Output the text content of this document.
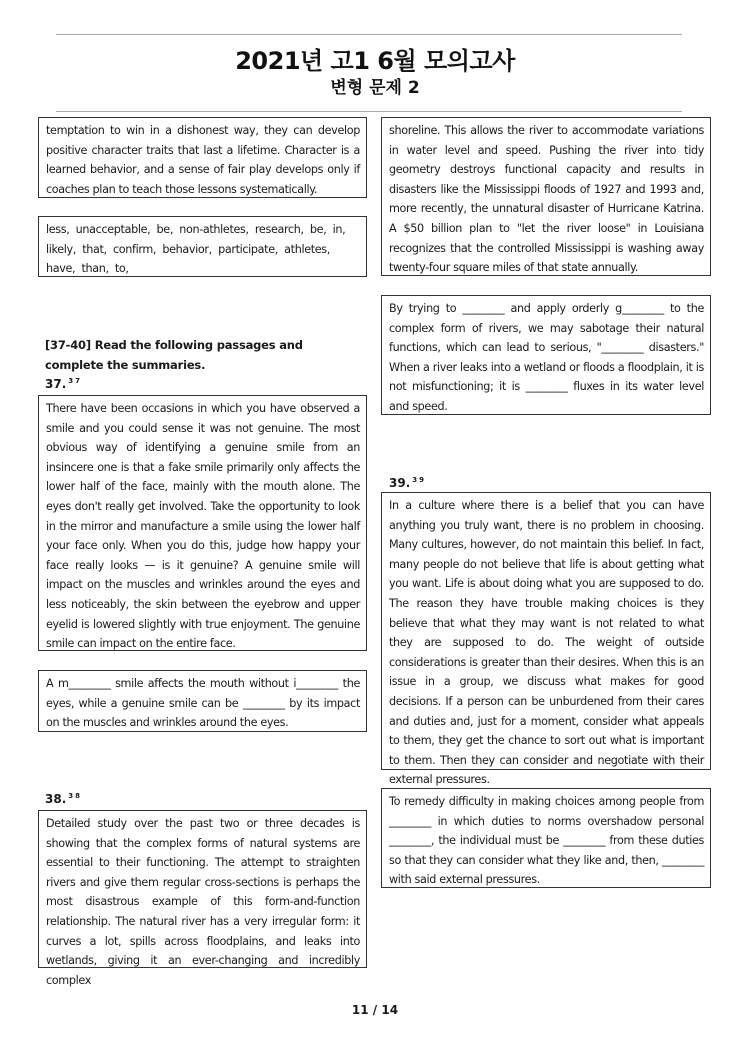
2021년 고1 6월 모의고사
변형 문제 2
temptation to win in a dishonest way, they can develop positive character traits that last a lifetime. Character is a learned behavior, and a sense of fair play develops only if coaches plan to teach those lessons systematically.
less, unacceptable, be, non-athletes, research, be, in, likely, that, confirm, behavior, participate, athletes, have, than, to,
[37-40] Read the following passages and complete the summaries.
37. $^{37}$
There have been occasions in which you have observed a smile and you could sense it was not genuine. The most obvious way of identifying a genuine smile from an insincere one is that a fake smile primarily only affects the lower half of the face, mainly with the mouth alone. The eyes don't really get involved. Take the opportunity to look in the mirror and manufacture a smile using the lower half your face only. When you do this, judge how happy your face really looks — is it genuine? A genuine smile will impact on the muscles and wrinkles around the eyes and less noticeably, the skin between the eyebrow and upper eyelid is lowered slightly with true enjoyment. The genuine smile can impact on the entire face.
A m________ smile affects the mouth without i________ the eyes, while a genuine smile can be ________ by its impact on the muscles and wrinkles around the eyes.
38. $^{38}$
Detailed study over the past two or three decades is showing that the complex forms of natural systems are essential to their functioning. The attempt to straighten rivers and give them regular cross-sections is perhaps the most disastrous example of this form-and-function relationship. The natural river has a very irregular form: it curves a lot, spills across floodplains, and leaks into wetlands, giving it an ever-changing and incredibly complex
shoreline. This allows the river to accommodate variations in water level and speed. Pushing the river into tidy geometry destroys functional capacity and results in disasters like the Mississippi floods of 1927 and 1993 and, more recently, the unnatural disaster of Hurricane Katrina. A $50 billion plan to "let the river loose" in Louisiana recognizes that the controlled Mississippi is washing away twenty-four square miles of that state annually.
By trying to ________ and apply orderly g________ to the complex form of rivers, we may sabotage their natural functions, which can lead to serious, "________ disasters." When a river leaks into a wetland or floods a floodplain, it is not misfunctioning; it is ________ fluxes in its water level and speed.
39. $^{39}$
In a culture where there is a belief that you can have anything you truly want, there is no problem in choosing. Many cultures, however, do not maintain this belief. In fact, many people do not believe that life is about getting what you want. Life is about doing what you are supposed to do. The reason they have trouble making choices is they believe that what they may want is not related to what they are supposed to do. The weight of outside considerations is greater than their desires. When this is an issue in a group, we discuss what makes for good decisions. If a person can be unburdened from their cares and duties and, just for a moment, consider what appeals to them, they get the chance to sort out what is important to them. Then they can consider and negotiate with their external pressures.
To remedy difficulty in making choices among people from ________ in which duties to norms overshadow personal ________, the individual must be ________ from these duties so that they can consider what they like and, then, ________ with said external pressures.
11 / 14
